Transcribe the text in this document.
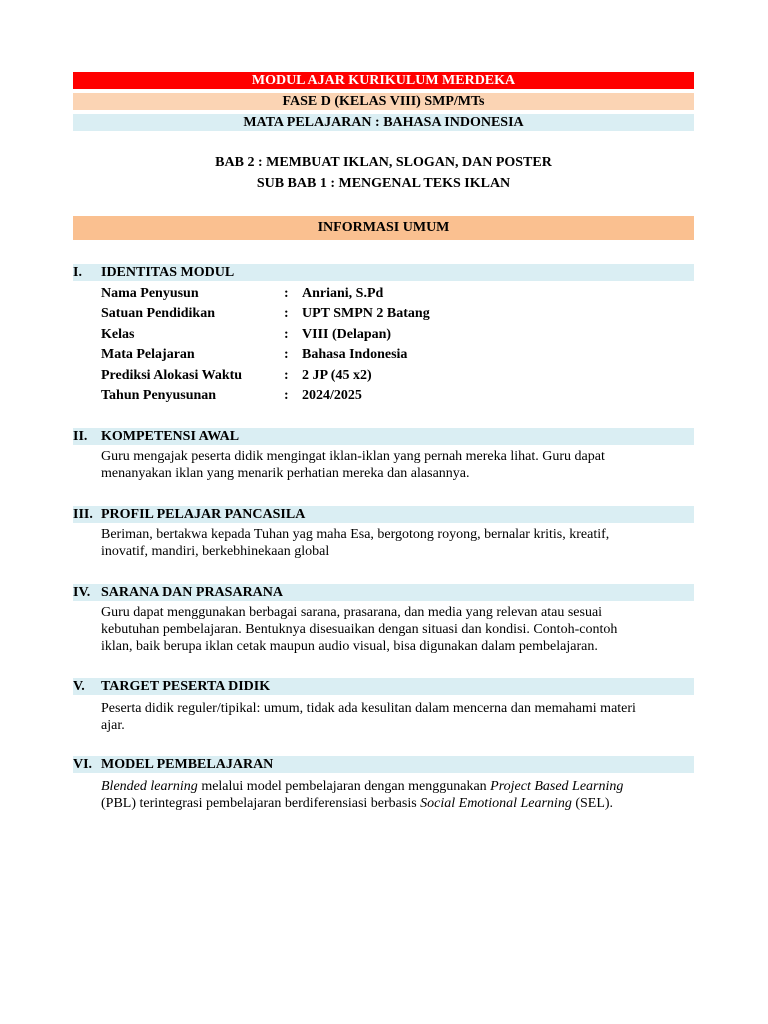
MODUL AJAR KURIKULUM MERDEKA
FASE D (KELAS VIII) SMP/MTs
MATA PELAJARAN : BAHASA INDONESIA
BAB 2 : MEMBUAT IKLAN, SLOGAN, DAN POSTER
SUB BAB 1 : MENGENAL TEKS IKLAN
INFORMASI UMUM
I. IDENTITAS MODUL
Nama Penyusun	: Anriani, S.Pd
Satuan Pendidikan	: UPT SMPN 2 Batang
Kelas	: VIII (Delapan)
Mata Pelajaran	: Bahasa Indonesia
Prediksi Alokasi Waktu	: 2 JP (45 x2)
Tahun Penyusunan	: 2024/2025
II. KOMPETENSI AWAL
Guru mengajak peserta didik mengingat iklan-iklan yang pernah mereka lihat. Guru dapat
menanyakan iklan yang menarik perhatian mereka dan alasannya.
III. PROFIL PELAJAR PANCASILA
Beriman, bertakwa kepada Tuhan yag maha Esa, bergotong royong, bernalar kritis, kreatif,
inovatif, mandiri, berkebhinekaan global
IV. SARANA DAN PRASARANA
Guru dapat menggunakan berbagai sarana, prasarana, dan media yang relevan atau sesuai
kebutuhan pembelajaran. Bentuknya disesuaikan dengan situasi dan kondisi. Contoh-contoh
iklan, baik berupa iklan cetak maupun audio visual, bisa digunakan dalam pembelajaran.
V. TARGET PESERTA DIDIK
Peserta didik reguler/tipikal: umum, tidak ada kesulitan dalam mencerna dan memahami materi
ajar.
VI. MODEL PEMBELAJARAN
Blended learning melalui model pembelajaran dengan menggunakan Project Based Learning
(PBL) terintegrasi pembelajaran berdiferensiasi berbasis Social Emotional Learning (SEL).
